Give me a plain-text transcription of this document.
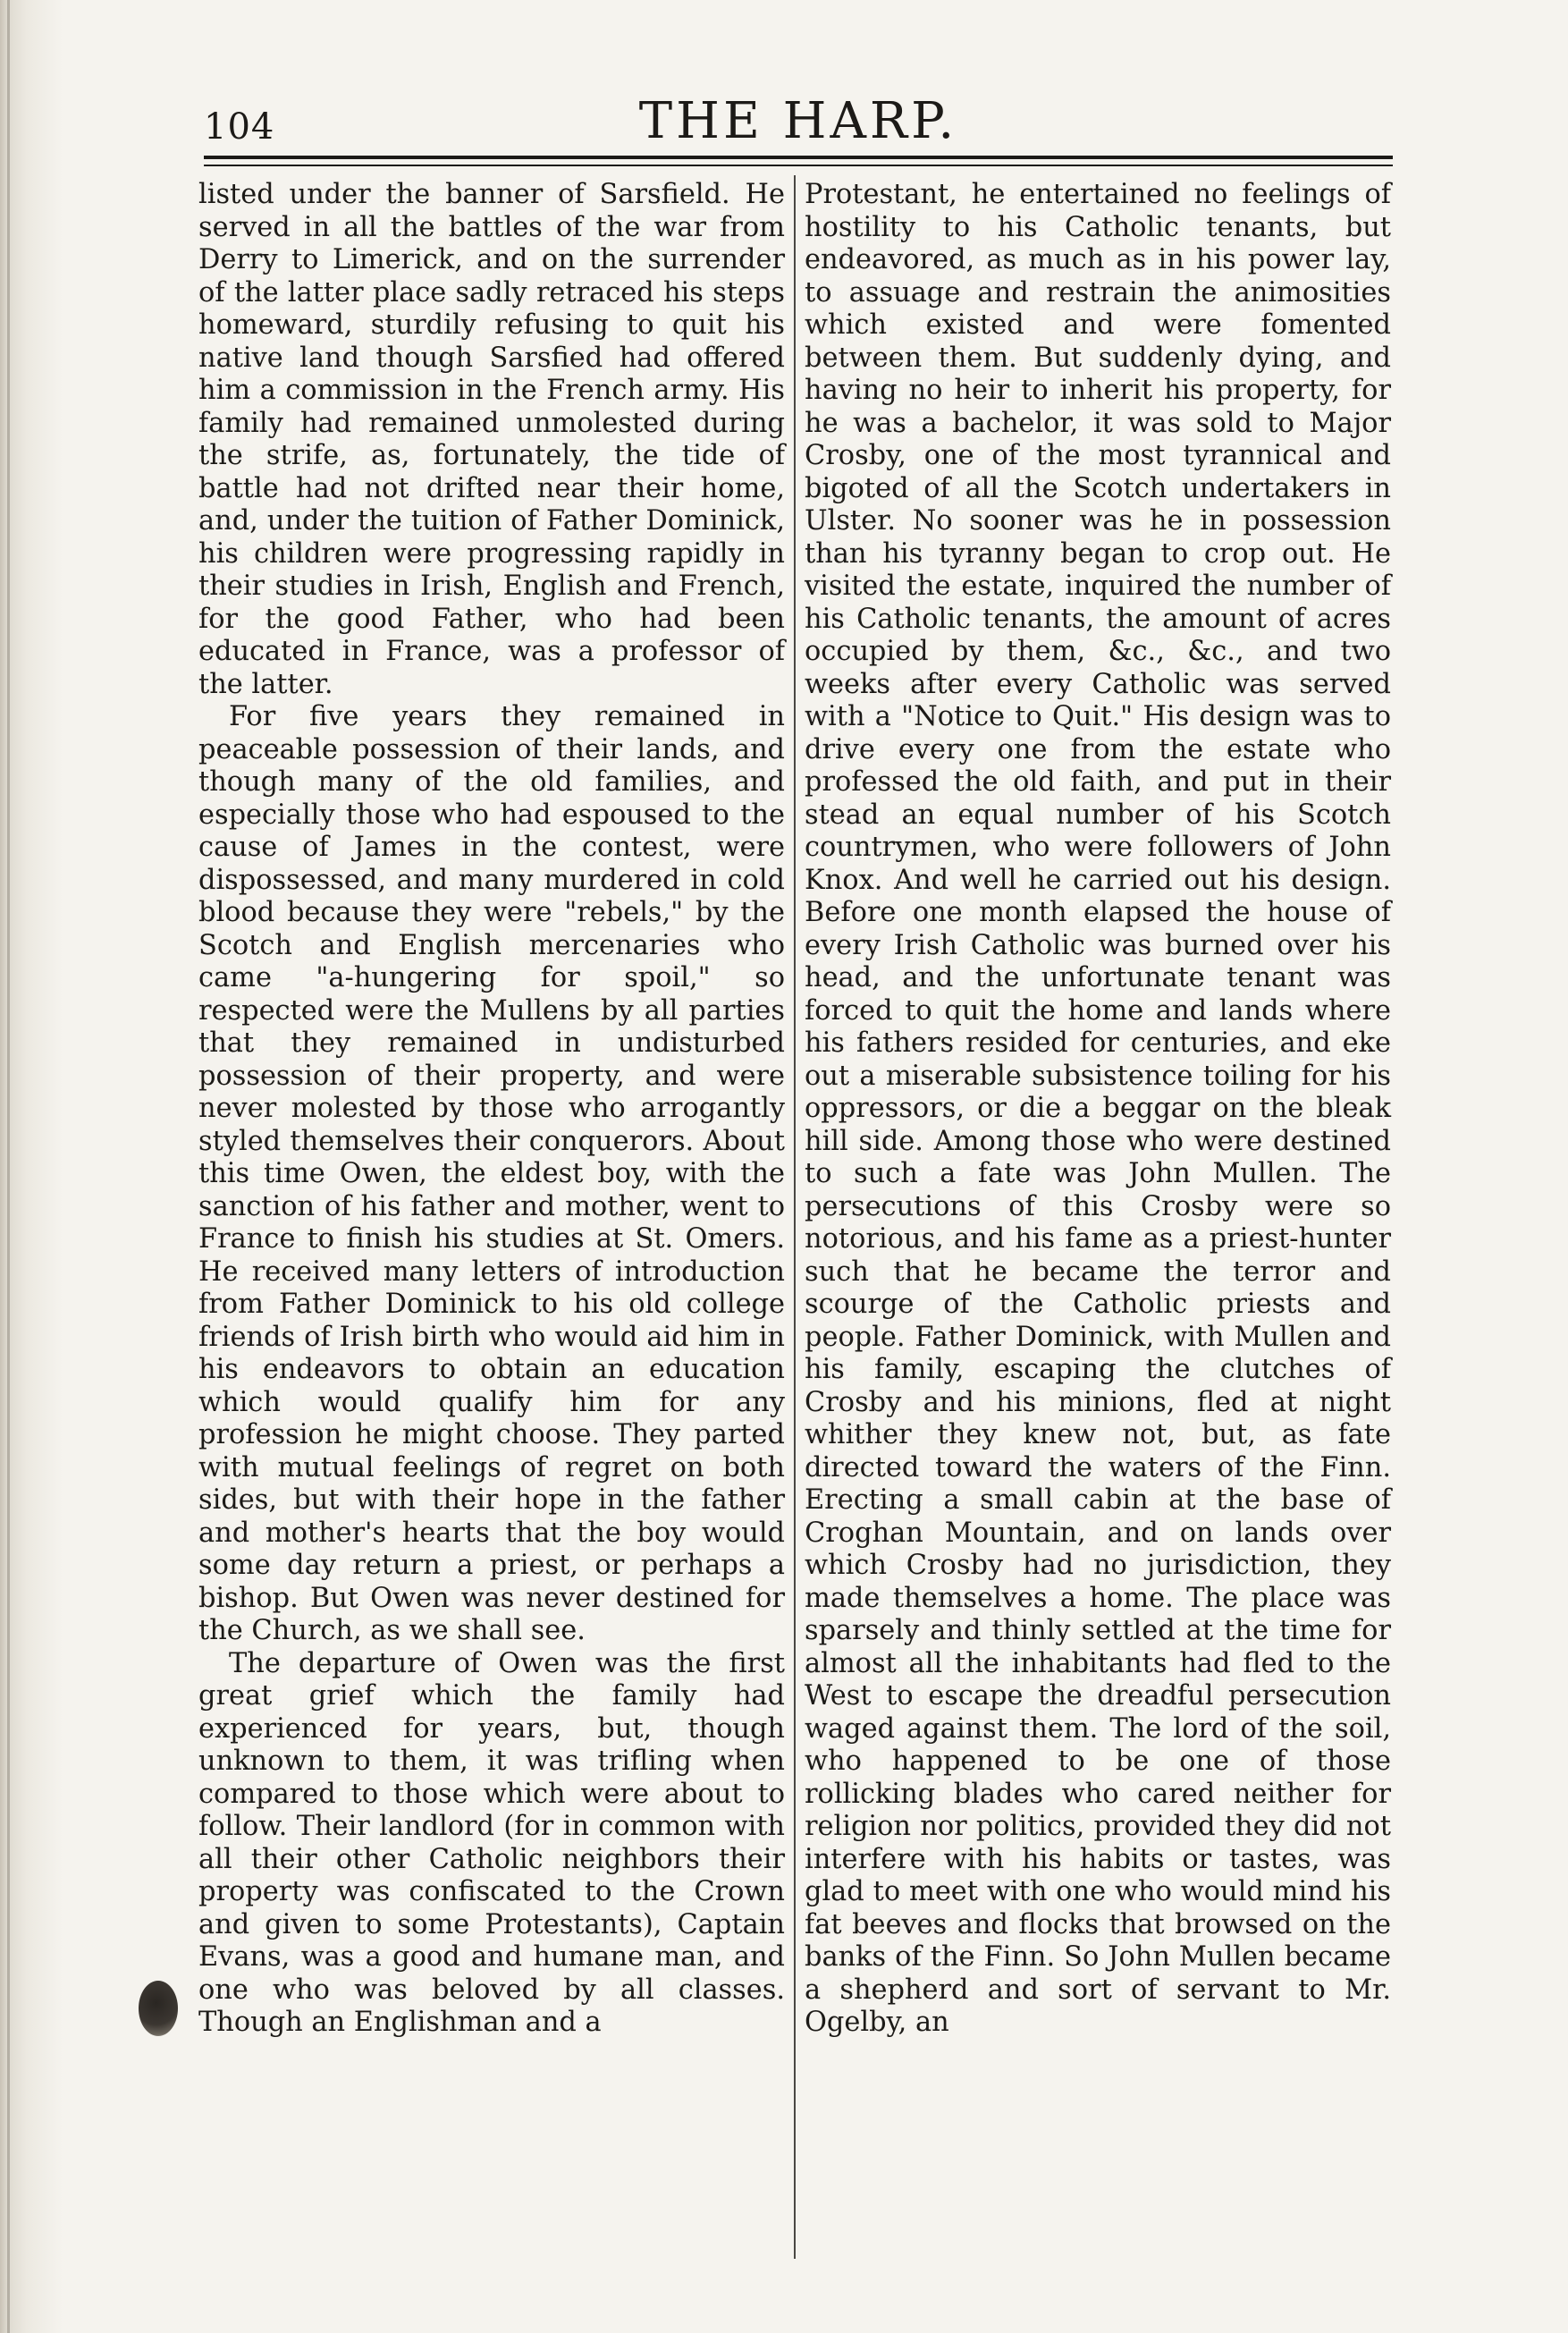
104	THE HARP.

listed under the banner of Sarsfield. He served in all the battles of the war from Derry to Limerick, and on the surrender of the latter place sadly retraced his steps homeward, sturdily refusing to quit his native land though Sarsfied had offered him a commission in the French army. His family had remained unmolested during the strife, as, fortunately, the tide of battle had not drifted near their home, and, under the tuition of Father Dominick, his children were progressing rapidly in their studies in Irish, English and French, for the good Father, who had been educated in France, was a professor of the latter.

For five years they remained in peaceable possession of their lands, and though many of the old families, and especially those who had espoused to the cause of James in the contest, were dispossessed, and many murdered in cold blood because they were "rebels," by the Scotch and English mercenaries who came "a-hungering for spoil," so respected were the Mullens by all parties that they remained in undisturbed possession of their property, and were never molested by those who arrogantly styled themselves their conquerors. About this time Owen, the eldest boy, with the sanction of his father and mother, went to France to finish his studies at St. Omers. He received many letters of introduction from Father Dominick to his old college friends of Irish birth who would aid him in his endeavors to obtain an education which would qualify him for any profession he might choose. They parted with mutual feelings of regret on both sides, but with their hope in the father and mother's hearts that the boy would some day return a priest, or perhaps a bishop. But Owen was never destined for the Church, as we shall see.

The departure of Owen was the first great grief which the family had experienced for years, but, though unknown to them, it was trifling when compared to those which were about to follow. Their landlord (for in common with all their other Catholic neighbors their property was confiscated to the Crown and given to some Protestants), Captain Evans, was a good and humane man, and one who was beloved by all classes. Though an Englishman and a

Protestant, he entertained no feelings of hostility to his Catholic tenants, but endeavored, as much as in his power lay, to assuage and restrain the animosities which existed and were fomented between them. But suddenly dying, and having no heir to inherit his property, for he was a bachelor, it was sold to Major Crosby, one of the most tyrannical and bigoted of all the Scotch undertakers in Ulster. No sooner was he in possession than his tyranny began to crop out. He visited the estate, inquired the number of his Catholic tenants, the amount of acres occupied by them, &c., &c., and two weeks after every Catholic was served with a "Notice to Quit." His design was to drive every one from the estate who professed the old faith, and put in their stead an equal number of his Scotch countrymen, who were followers of John Knox. And well he carried out his design. Before one month elapsed the house of every Irish Catholic was burned over his head, and the unfortunate tenant was forced to quit the home and lands where his fathers resided for centuries, and eke out a miserable subsistence toiling for his oppressors, or die a beggar on the bleak hill side. Among those who were destined to such a fate was John Mullen. The persecutions of this Crosby were so notorious, and his fame as a priest-hunter such that he became the terror and scourge of the Catholic priests and people. Father Dominick, with Mullen and his family, escaping the clutches of Crosby and his minions, fled at night whither they knew not, but, as fate directed toward the waters of the Finn. Erecting a small cabin at the base of Croghan Mountain, and on lands over which Crosby had no jurisdiction, they made themselves a home. The place was sparsely and thinly settled at the time for almost all the inhabitants had fled to the West to escape the dreadful persecution waged against them. The lord of the soil, who happened to be one of those rollicking blades who cared neither for religion nor politics, provided they did not interfere with his habits or tastes, was glad to meet with one who would mind his fat beeves and flocks that browsed on the banks of the Finn. So John Mullen became a shepherd and sort of servant to Mr. Ogelby, an
